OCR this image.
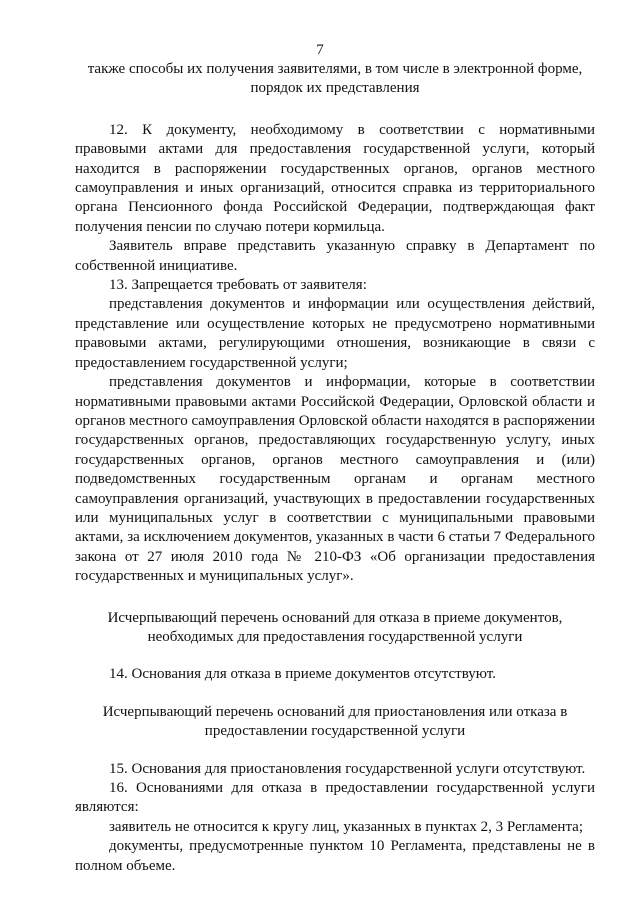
7

также способы их получения заявителями, в том числе в электронной форме, порядок их представления

12. К документу, необходимому в соответствии с нормативными правовыми актами для предоставления государственной услуги, который находится в распоряжении государственных органов, органов местного самоуправления и иных организаций, относится справка из территориального органа Пенсионного фонда Российской Федерации, подтверждающая факт получения пенсии по случаю потери кормильца.

Заявитель вправе представить указанную справку в Департамент по собственной инициативе.

13. Запрещается требовать от заявителя:

представления документов и информации или осуществления действий, представление или осуществление которых не предусмотрено нормативными правовыми актами, регулирующими отношения, возникающие в связи с предоставлением государственной услуги;

представления документов и информации, которые в соответствии нормативными правовыми актами Российской Федерации, Орловской области и органов местного самоуправления Орловской области находятся в распоряжении государственных органов, предоставляющих государственную услугу, иных государственных органов, органов местного самоуправления и (или) подведомственных государственным органам и органам местного самоуправления организаций, участвующих в предоставлении государственных или муниципальных услуг в соответствии с муниципальными правовыми актами, за исключением документов, указанных в части 6 статьи 7 Федерального закона от 27 июля 2010 года № 210-ФЗ «Об организации предоставления государственных и муниципальных услуг».

Исчерпывающий перечень оснований для отказа в приеме документов, необходимых для предоставления государственной услуги

14. Основания для отказа в приеме документов отсутствуют.

Исчерпывающий перечень оснований для приостановления или отказа в предоставлении государственной услуги

15. Основания для приостановления государственной услуги отсутствуют.

16. Основаниями для отказа в предоставлении государственной услуги являются:

заявитель не относится к кругу лиц, указанных в пунктах 2, 3 Регламента;

документы, предусмотренные пунктом 10 Регламента, представлены не в полном объеме.
